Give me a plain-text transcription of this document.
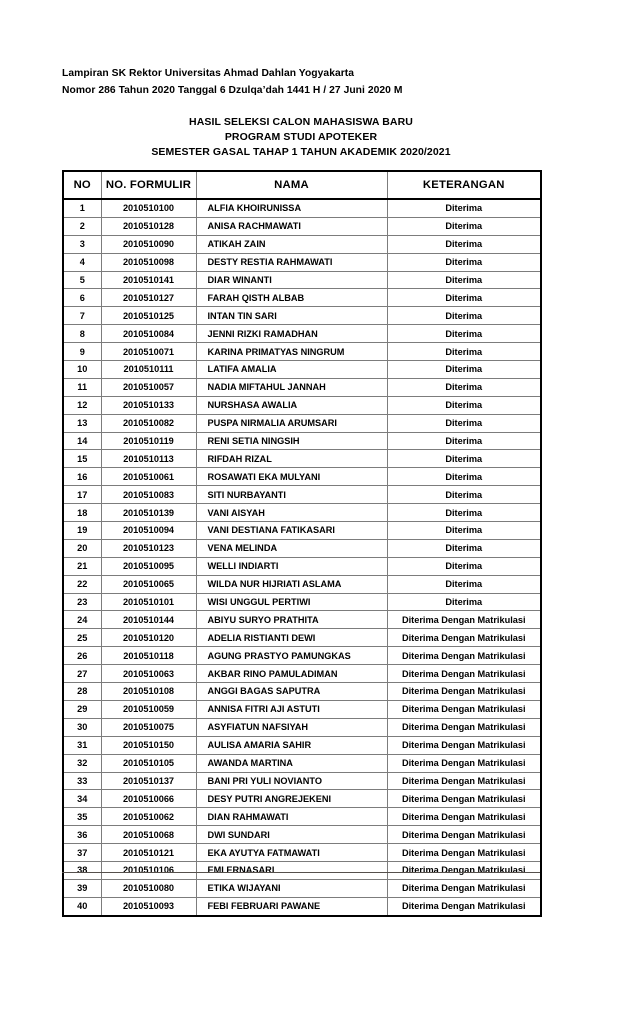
Lampiran SK Rektor Universitas Ahmad Dahlan Yogyakarta
Nomor 286 Tahun 2020 Tanggal 6 Dzulqa’dah 1441 H / 27 Juni 2020 M
HASIL SELEKSI CALON MAHASISWA BARU
PROGRAM STUDI APOTEKER
SEMESTER GASAL TAHAP 1 TAHUN AKADEMIK 2020/2021
NO	NO. FORMULIR	NAMA	KETERANGAN
1	2010510100	ALFIA KHOIRUNISSA	Diterima
2	2010510128	ANISA RACHMAWATI	Diterima
3	2010510090	ATIKAH ZAIN	Diterima
4	2010510098	DESTY RESTIA RAHMAWATI	Diterima
5	2010510141	DIAR WINANTI	Diterima
6	2010510127	FARAH QISTH ALBAB	Diterima
7	2010510125	INTAN TIN SARI	Diterima
8	2010510084	JENNI RIZKI RAMADHAN	Diterima
9	2010510071	KARINA PRIMATYAS NINGRUM	Diterima
10	2010510111	LATIFA AMALIA	Diterima
11	2010510057	NADIA MIFTAHUL JANNAH	Diterima
12	2010510133	NURSHASA AWALIA	Diterima
13	2010510082	PUSPA NIRMALIA ARUMSARI	Diterima
14	2010510119	RENI SETIA NINGSIH	Diterima
15	2010510113	RIFDAH RIZAL	Diterima
16	2010510061	ROSAWATI EKA MULYANI	Diterima
17	2010510083	SITI NURBAYANTI	Diterima
18	2010510139	VANI AISYAH	Diterima
19	2010510094	VANI DESTIANA FATIKASARI	Diterima
20	2010510123	VENA MELINDA	Diterima
21	2010510095	WELLI INDIARTI	Diterima
22	2010510065	WILDA NUR HIJRIATI ASLAMA	Diterima
23	2010510101	WISI UNGGUL PERTIWI	Diterima
24	2010510144	ABIYU SURYO PRATHITA	Diterima Dengan Matrikulasi
25	2010510120	ADELIA RISTIANTI DEWI	Diterima Dengan Matrikulasi
26	2010510118	AGUNG PRASTYO PAMUNGKAS	Diterima Dengan Matrikulasi
27	2010510063	AKBAR RINO PAMULADIMAN	Diterima Dengan Matrikulasi
28	2010510108	ANGGI BAGAS SAPUTRA	Diterima Dengan Matrikulasi
29	2010510059	ANNISA FITRI AJI ASTUTI	Diterima Dengan Matrikulasi
30	2010510075	ASYFIATUN NAFSIYAH	Diterima Dengan Matrikulasi
31	2010510150	AULISA AMARIA SAHIR	Diterima Dengan Matrikulasi
32	2010510105	AWANDA MARTINA	Diterima Dengan Matrikulasi
33	2010510137	BANI PRI YULI NOVIANTO	Diterima Dengan Matrikulasi
34	2010510066	DESY PUTRI ANGREJEKENI	Diterima Dengan Matrikulasi
35	2010510062	DIAN RAHMAWATI	Diterima Dengan Matrikulasi
36	2010510068	DWI SUNDARI	Diterima Dengan Matrikulasi
37	2010510121	EKA AYUTYA FATMAWATI	Diterima Dengan Matrikulasi
38	2010510106	EMI ERNASARI	Diterima Dengan Matrikulasi
39	2010510080	ETIKA WIJAYANI	Diterima Dengan Matrikulasi
40	2010510093	FEBI FEBRUARI PAWANE	Diterima Dengan Matrikulasi
